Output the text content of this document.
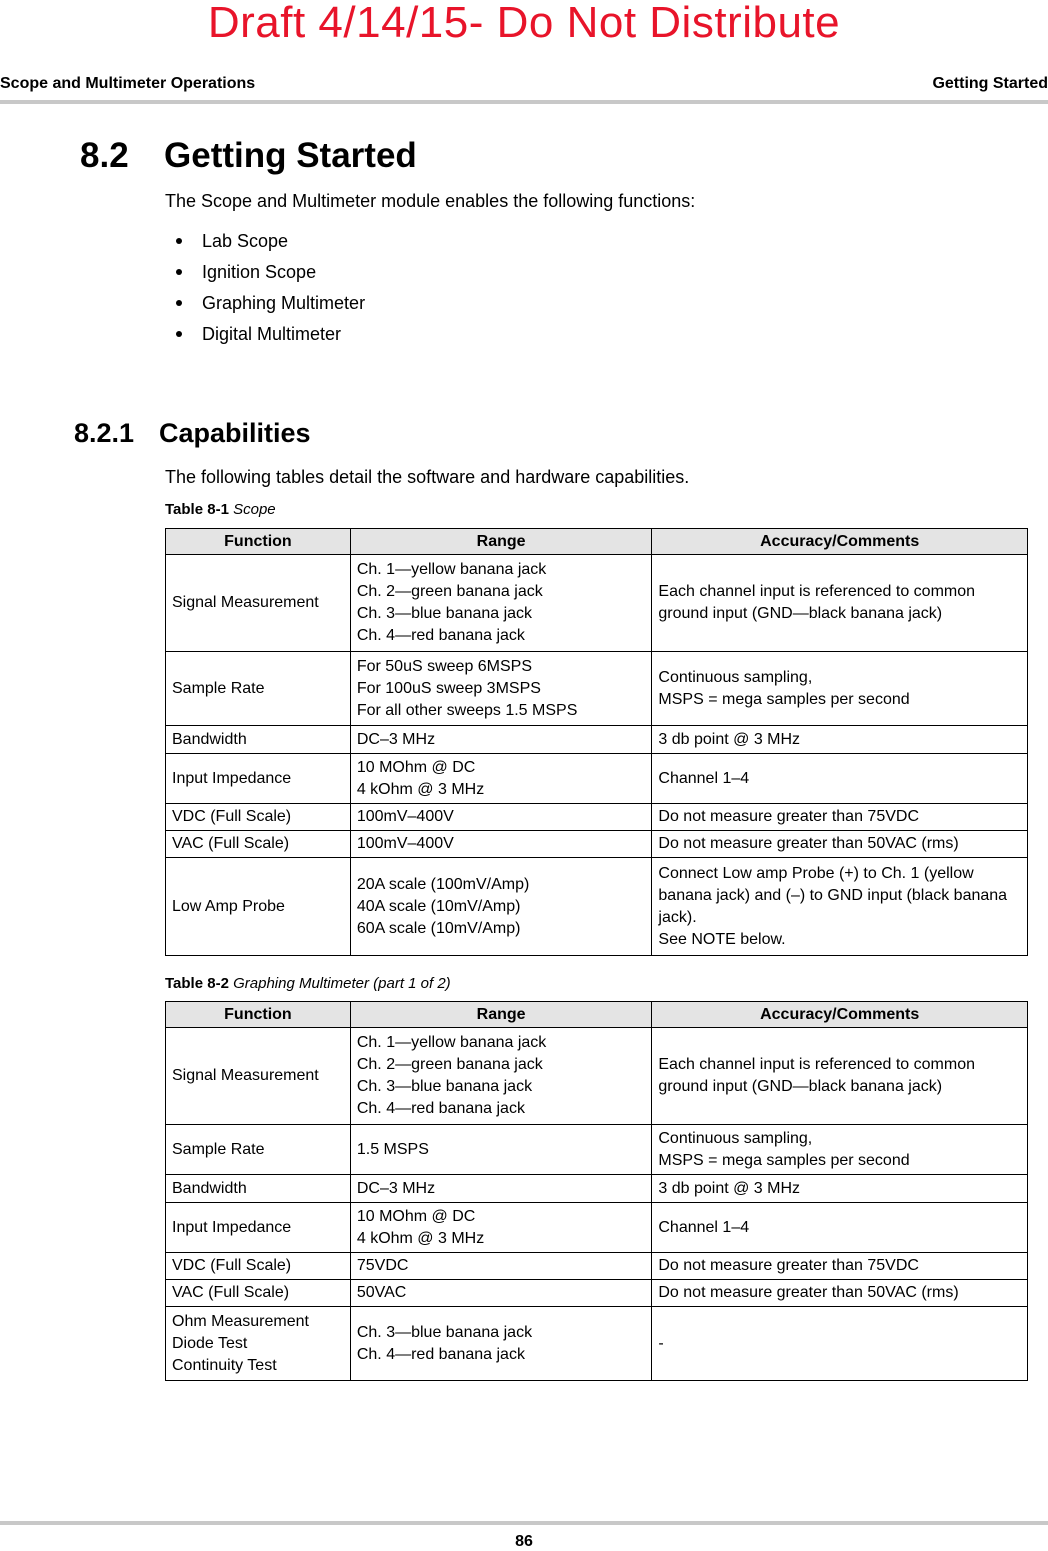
Draft 4/14/15- Do Not Distribute
Scope and Multimeter Operations	Getting Started
8.2 Getting Started
The Scope and Multimeter module enables the following functions:
Lab Scope
Ignition Scope
Graphing Multimeter
Digital Multimeter
8.2.1 Capabilities
The following tables detail the software and hardware capabilities.
Table 8-1 Scope
Function	Range	Accuracy/Comments
Signal Measurement	Ch. 1—yellow banana jack
Ch. 2—green banana jack
Ch. 3—blue banana jack
Ch. 4—red banana jack	Each channel input is referenced to common ground input (GND—black banana jack)
Sample Rate	For 50uS sweep 6MSPS
For 100uS sweep 3MSPS
For all other sweeps 1.5 MSPS	Continuous sampling,
MSPS = mega samples per second
Bandwidth	DC–3 MHz	3 db point @ 3 MHz
Input Impedance	10 MOhm @ DC
4 kOhm @ 3 MHz	Channel 1–4
VDC (Full Scale)	100mV–400V	Do not measure greater than 75VDC
VAC (Full Scale)	100mV–400V	Do not measure greater than 50VAC (rms)
Low Amp Probe	20A scale (100mV/Amp)
40A scale (10mV/Amp)
60A scale (10mV/Amp)	Connect Low amp Probe (+) to Ch. 1 (yellow banana jack) and (–) to GND input (black banana jack).
See NOTE below.
Table 8-2 Graphing Multimeter (part 1 of 2)
Function	Range	Accuracy/Comments
Signal Measurement	Ch. 1—yellow banana jack
Ch. 2—green banana jack
Ch. 3—blue banana jack
Ch. 4—red banana jack	Each channel input is referenced to common ground input (GND—black banana jack)
Sample Rate	1.5 MSPS	Continuous sampling,
MSPS = mega samples per second
Bandwidth	DC–3 MHz	3 db point @ 3 MHz
Input Impedance	10 MOhm @ DC
4 kOhm @ 3 MHz	Channel 1–4
VDC (Full Scale)	75VDC	Do not measure greater than 75VDC
VAC (Full Scale)	50VAC	Do not measure greater than 50VAC (rms)
Ohm Measurement
Diode Test
Continuity Test	Ch. 3—blue banana jack
Ch. 4—red banana jack	-
86
